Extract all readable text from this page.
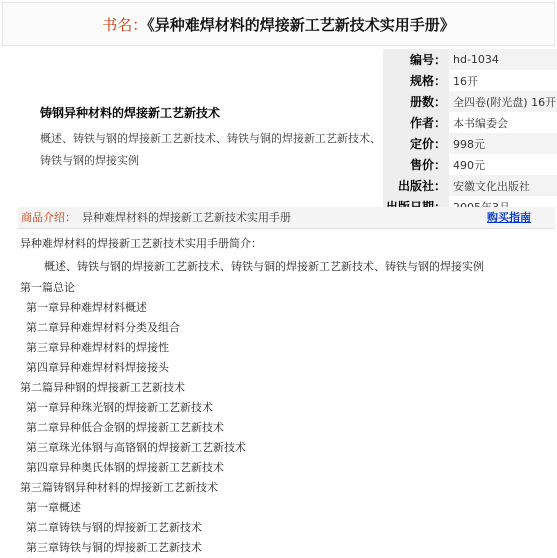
书名：《异种难焊材料的焊接新工艺新技术实用手册》
铸钢异种材料的焊接新工艺新技术
概述、铸铁与钢的焊接新工艺新技术、铸铁与铜的焊接新工艺新技术、铸铁与钢的焊接实例
编号：	hd-1034
规格：	16开
册数：	全四卷(附光盘) 16开
作者：	本书编委会
定价：	998元
售价：	490元
出版社：	安徽文化出版社

商品介绍： 异种难焊材料的焊接新工艺新技术实用手册	购买指南
异种难焊材料的焊接新工艺新技术实用手册简介：
概述、铸铁与钢的焊接新工艺新技术、铸铁与铜的焊接新工艺新技术、铸铁与钢的焊接实例
第一篇总论
第一章异种难焊材料概述
第二章异种难焊材料分类及组合
第三章异种难焊材料的焊接性
第四章异种难焊材料焊接接头
第二篇异种钢的焊接新工艺新技术
第一章异种珠光钢的焊接新工艺新技术
第二章异种低合金钢的焊接新工艺新技术
第三章珠光体钢与高铬钢的焊接新工艺新技术
第四章异种奥氏体钢的焊接新工艺新技术
第三篇铸钢异种材料的焊接新工艺新技术
第一章概述
第二章铸铁与钢的焊接新工艺新技术
第三章铸铁与铜的焊接新工艺新技术
